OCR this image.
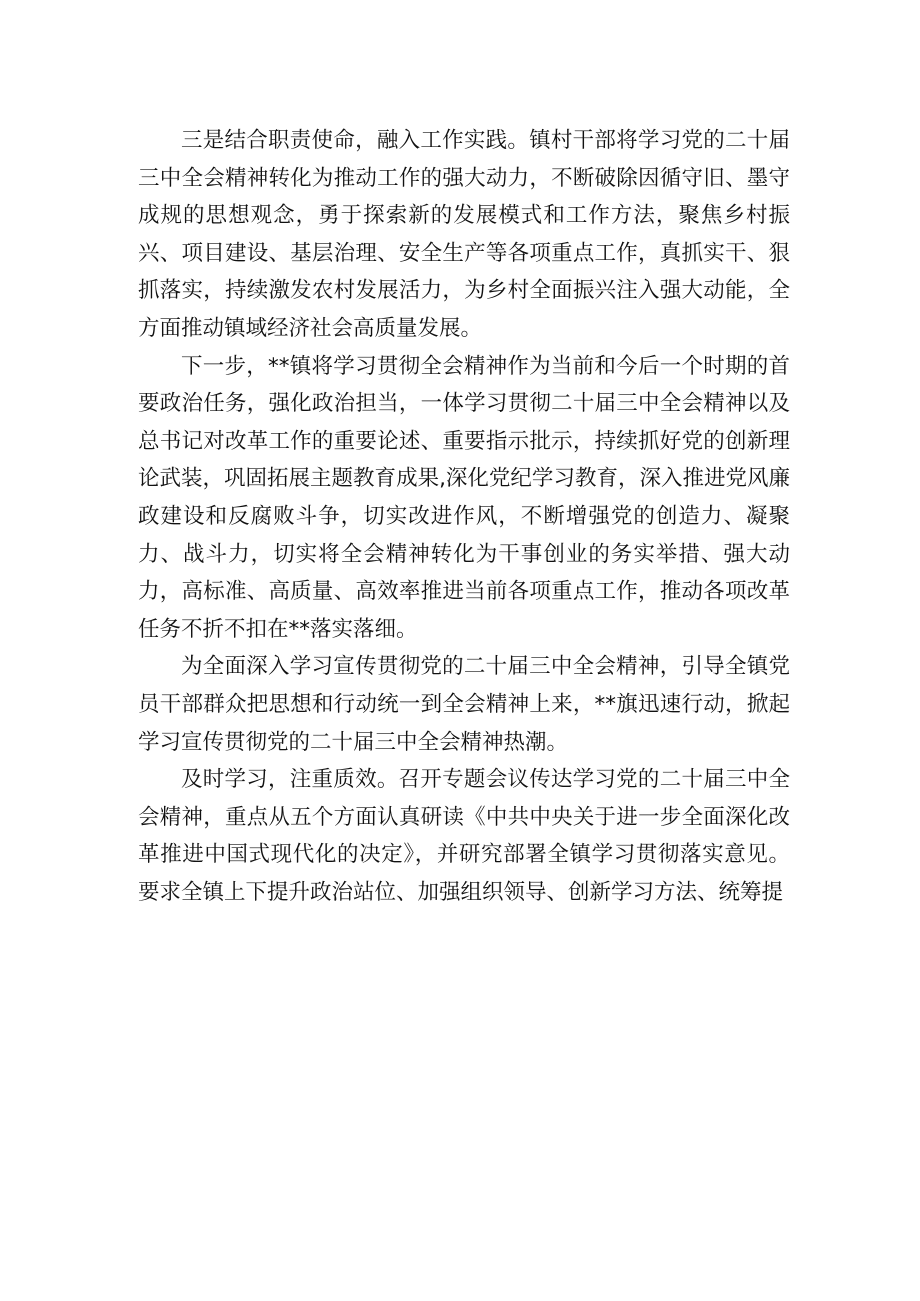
三是结合职责使命，融入工作实践。镇村干部将学习党的二十届三中全会精神转化为推动工作的强大动力，不断破除因循守旧、墨守成规的思想观念，勇于探索新的发展模式和工作方法，聚焦乡村振兴、项目建设、基层治理、安全生产等各项重点工作，真抓实干、狠抓落实，持续激发农村发展活力，为乡村全面振兴注入强大动能，全方面推动镇域经济社会高质量发展。

下一步，**镇将学习贯彻全会精神作为当前和今后一个时期的首要政治任务，强化政治担当，一体学习贯彻二十届三中全会精神以及总书记对改革工作的重要论述、重要指示批示，持续抓好党的创新理论武装，巩固拓展主题教育成果,深化党纪学习教育，深入推进党风廉政建设和反腐败斗争，切实改进作风，不断增强党的创造力、凝聚力、战斗力，切实将全会精神转化为干事创业的务实举措、强大动力，高标准、高质量、高效率推进当前各项重点工作，推动各项改革任务不折不扣在**落实落细。

为全面深入学习宣传贯彻党的二十届三中全会精神，引导全镇党员干部群众把思想和行动统一到全会精神上来，**旗迅速行动，掀起学习宣传贯彻党的二十届三中全会精神热潮。

及时学习，注重质效。召开专题会议传达学习党的二十届三中全会精神，重点从五个方面认真研读《中共中央关于进一步全面深化改革推进中国式现代化的决定》，并研究部署全镇学习贯彻落实意见。要求全镇上下提升政治站位、加强组织领导、创新学习方法、统筹提
